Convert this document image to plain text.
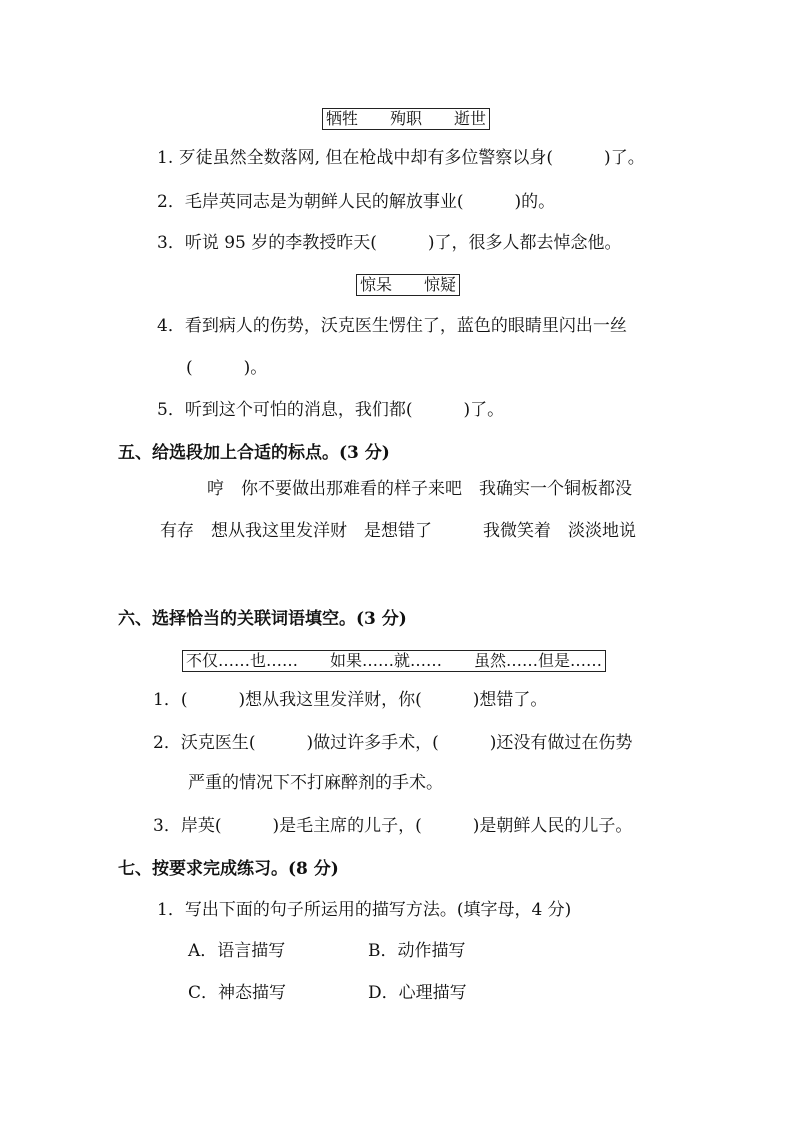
牺牲　　殉职　　逝世
1. 歹徒虽然全数落网, 但在枪战中却有多位警察以身(　　　)了。
2．毛岸英同志是为朝鲜人民的解放事业(　　　)的。
3．听说 95 岁的李教授昨天(　　　)了，很多人都去悼念他。
惊呆　　惊疑
4．看到病人的伤势，沃克医生愣住了，蓝色的眼睛里闪出一丝
(　　　)。
5．听到这个可怕的消息，我们都(　　　)了。
五、给选段加上合适的标点。(3 分)
哼　你不要做出那难看的样子来吧　我确实一个铜板都没
有存　想从我这里发洋财　是想错了　　　我微笑着　淡淡地说
六、选择恰当的关联词语填空。(3 分)
不仅……也……　　如果……就……　　虽然……但是……
1．(　　　)想从我这里发洋财，你(　　　)想错了。
2．沃克医生(　　　)做过许多手术，(　　　)还没有做过在伤势
严重的情况下不打麻醉剂的手术。
3．岸英(　　　)是毛主席的儿子，(　　　)是朝鲜人民的儿子。
七、按要求完成练习。(8 分)
1．写出下面的句子所运用的描写方法。(填字母，4 分)
A．语言描写	B．动作描写
C．神态描写	D．心理描写
